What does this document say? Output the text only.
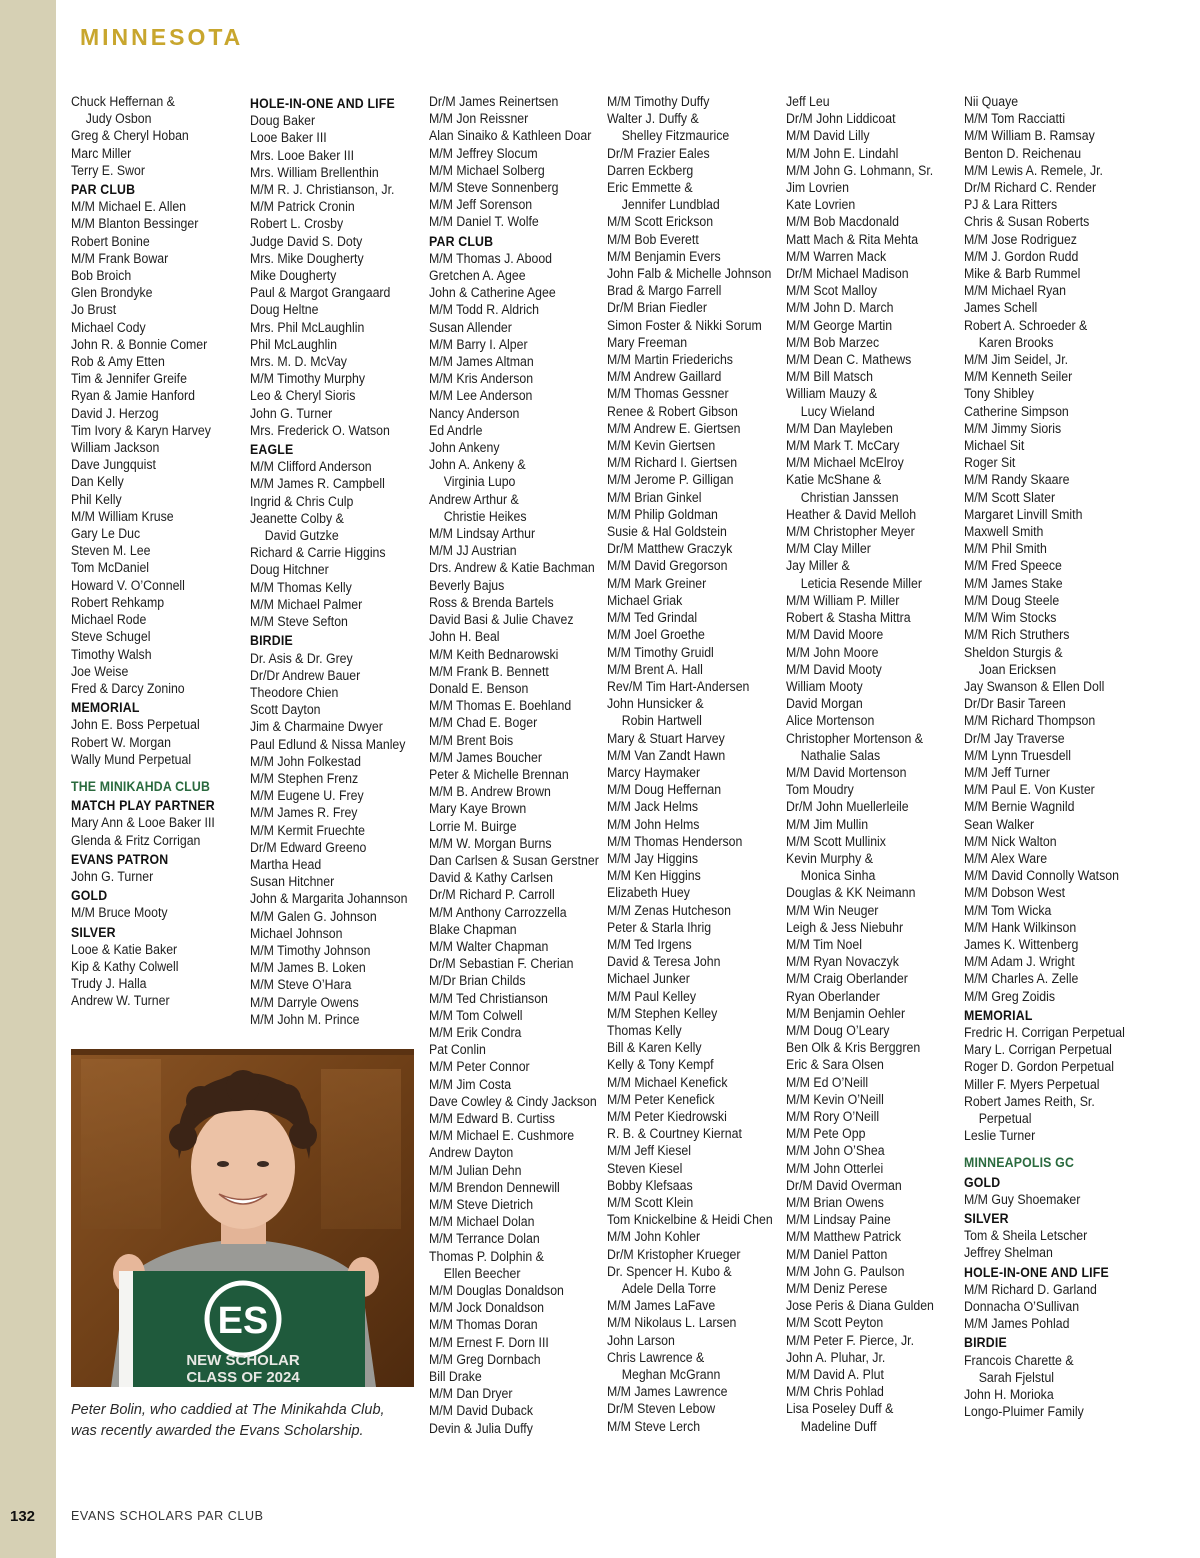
MINNESOTA
Chuck Heffernan &
Judy Osbon
Greg & Cheryl Hoban
Marc Miller
Terry E. Swor
PAR CLUB
M/M Michael E. Allen
M/M Blanton Bessinger
Robert Bonine
M/M Frank Bowar
Bob Broich
Glen Brondyke
Jo Brust
Michael Cody
John R. & Bonnie Comer
Rob & Amy Etten
Tim & Jennifer Greife
Ryan & Jamie Hanford
David J. Herzog
Tim Ivory & Karyn Harvey
William Jackson
Dave Jungquist
Dan Kelly
Phil Kelly
M/M William Kruse
Gary Le Duc
Steven M. Lee
Tom McDaniel
Howard V. O’Connell
Robert Rehkamp
Michael Rode
Steve Schugel
Timothy Walsh
Joe Weise
Fred & Darcy Zonino
MEMORIAL
John E. Boss Perpetual
Robert W. Morgan
Wally Mund Perpetual
THE MINIKAHDA CLUB
MATCH PLAY PARTNER
Mary Ann & Looe Baker III
Glenda & Fritz Corrigan
EVANS PATRON
John G. Turner
GOLD
M/M Bruce Mooty
SILVER
Looe & Katie Baker
Kip & Kathy Colwell
Trudy J. Halla
Andrew W. Turner
HOLE-IN-ONE AND LIFE
Doug Baker
Looe Baker III
Mrs. Looe Baker III
Mrs. William Brellenthin
M/M R. J. Christianson, Jr.
M/M Patrick Cronin
Robert L. Crosby
Judge David S. Doty
Mrs. Mike Dougherty
Mike Dougherty
Paul & Margot Grangaard
Doug Heltne
Mrs. Phil McLaughlin
Phil McLaughlin
Mrs. M. D. McVay
M/M Timothy Murphy
Leo & Cheryl Sioris
John G. Turner
Mrs. Frederick O. Watson
EAGLE
M/M Clifford Anderson
M/M James R. Campbell
Ingrid & Chris Culp
Jeanette Colby &
David Gutzke
Richard & Carrie Higgins
Doug Hitchner
M/M Thomas Kelly
M/M Michael Palmer
M/M Steve Sefton
BIRDIE
Dr. Asis & Dr. Grey
Dr/Dr Andrew Bauer
Theodore Chien
Scott Dayton
Jim & Charmaine Dwyer
Paul Edlund & Nissa Manley
M/M John Folkestad
M/M Stephen Frenz
M/M Eugene U. Frey
M/M James R. Frey
M/M Kermit Fruechte
Dr/M Edward Greeno
Martha Head
Susan Hitchner
John & Margarita Johannson
M/M Galen G. Johnson
Michael Johnson
M/M Timothy Johnson
M/M James B. Loken
M/M Steve O’Hara
M/M Darryle Owens
M/M John M. Prince
Dr/M James Reinertsen
M/M Jon Reissner
Alan Sinaiko & Kathleen Doar
M/M Jeffrey Slocum
M/M Michael Solberg
M/M Steve Sonnenberg
M/M Jeff Sorenson
M/M Daniel T. Wolfe
PAR CLUB
M/M Thomas J. Abood
Gretchen A. Agee
John & Catherine Agee
M/M Todd R. Aldrich
Susan Allender
M/M Barry I. Alper
M/M James Altman
M/M Kris Anderson
M/M Lee Anderson
Nancy Anderson
Ed Andrle
John Ankeny
John A. Ankeny &
Virginia Lupo
Andrew Arthur &
Christie Heikes
M/M Lindsay Arthur
M/M JJ Austrian
Drs. Andrew & Katie Bachman
Beverly Bajus
Ross & Brenda Bartels
David Basi & Julie Chavez
John H. Beal
M/M Keith Bednarowski
M/M Frank B. Bennett
Donald E. Benson
M/M Thomas E. Boehland
M/M Chad E. Boger
M/M Brent Bois
M/M James Boucher
Peter & Michelle Brennan
M/M B. Andrew Brown
Mary Kaye Brown
Lorrie M. Buirge
M/M W. Morgan Burns
Dan Carlsen & Susan Gerstner
David & Kathy Carlsen
Dr/M Richard P. Carroll
M/M Anthony Carrozzella
Blake Chapman
M/M Walter Chapman
Dr/M Sebastian F. Cherian
M/Dr Brian Childs
M/M Ted Christianson
M/M Tom Colwell
M/M Erik Condra
Pat Conlin
M/M Peter Connor
M/M Jim Costa
Dave Cowley & Cindy Jackson
M/M Edward B. Curtiss
M/M Michael E. Cushmore
Andrew Dayton
M/M Julian Dehn
M/M Brendon Dennewill
M/M Steve Dietrich
M/M Michael Dolan
M/M Terrance Dolan
Thomas P. Dolphin &
Ellen Beecher
M/M Douglas Donaldson
M/M Jock Donaldson
M/M Thomas Doran
M/M Ernest F. Dorn III
M/M Greg Dornbach
Bill Drake
M/M Dan Dryer
M/M David Duback
Devin & Julia Duffy
M/M Timothy Duffy
Walter J. Duffy &
Shelley Fitzmaurice
Dr/M Frazier Eales
Darren Eckberg
Eric Emmette &
Jennifer Lundblad
M/M Scott Erickson
M/M Bob Everett
M/M Benjamin Evers
John Falb & Michelle Johnson
Brad & Margo Farrell
Dr/M Brian Fiedler
Simon Foster & Nikki Sorum
Mary Freeman
M/M Martin Friederichs
M/M Andrew Gaillard
M/M Thomas Gessner
Renee & Robert Gibson
M/M Andrew E. Giertsen
M/M Kevin Giertsen
M/M Richard I. Giertsen
M/M Jerome P. Gilligan
M/M Brian Ginkel
M/M Philip Goldman
Susie & Hal Goldstein
Dr/M Matthew Graczyk
M/M David Gregorson
M/M Mark Greiner
Michael Griak
M/M Ted Grindal
M/M Joel Groethe
M/M Timothy Gruidl
M/M Brent A. Hall
Rev/M Tim Hart-Andersen
John Hunsicker &
Robin Hartwell
Mary & Stuart Harvey
M/M Van Zandt Hawn
Marcy Haymaker
M/M Doug Heffernan
M/M Jack Helms
M/M John Helms
M/M Thomas Henderson
M/M Jay Higgins
M/M Ken Higgins
Elizabeth Huey
M/M Zenas Hutcheson
Peter & Starla Ihrig
M/M Ted Irgens
David & Teresa John
Michael Junker
M/M Paul Kelley
M/M Stephen Kelley
Thomas Kelly
Bill & Karen Kelly
Kelly & Tony Kempf
M/M Michael Kenefick
M/M Peter Kenefick
M/M Peter Kiedrowski
R. B. & Courtney Kiernat
M/M Jeff Kiesel
Steven Kiesel
Bobby Klefsaas
M/M Scott Klein
Tom Knickelbine & Heidi Chen
M/M John Kohler
Dr/M Kristopher Krueger
Dr. Spencer H. Kubo &
Adele Della Torre
M/M James LaFave
M/M Nikolaus L. Larsen
John Larson
Chris Lawrence &
Meghan McGrann
M/M James Lawrence
Dr/M Steven Lebow
M/M Steve Lerch
Jeff Leu
Dr/M John Liddicoat
M/M David Lilly
M/M John E. Lindahl
M/M John G. Lohmann, Sr.
Jim Lovrien
Kate Lovrien
M/M Bob Macdonald
Matt Mach & Rita Mehta
M/M Warren Mack
Dr/M Michael Madison
M/M Scot Malloy
M/M John D. March
M/M George Martin
M/M Bob Marzec
M/M Dean C. Mathews
M/M Bill Matsch
William Mauzy &
Lucy Wieland
M/M Dan Mayleben
M/M Mark T. McCary
M/M Michael McElroy
Katie McShane &
Christian Janssen
Heather & David Melloh
M/M Christopher Meyer
M/M Clay Miller
Jay Miller &
Leticia Resende Miller
M/M William P. Miller
Robert & Stasha Mittra
M/M David Moore
M/M John Moore
M/M David Mooty
William Mooty
David Morgan
Alice Mortenson
Christopher Mortenson &
Nathalie Salas
M/M David Mortenson
Tom Moudry
Dr/M John Muellerleile
M/M Jim Mullin
M/M Scott Mullinix
Kevin Murphy &
Monica Sinha
Douglas & KK Neimann
M/M Win Neuger
Leigh & Jess Niebuhr
M/M Tim Noel
M/M Ryan Novaczyk
M/M Craig Oberlander
Ryan Oberlander
M/M Benjamin Oehler
M/M Doug O’Leary
Ben Olk & Kris Berggren
Eric & Sara Olsen
M/M Ed O’Neill
M/M Kevin O’Neill
M/M Rory O’Neill
M/M Pete Opp
M/M John O’Shea
M/M John Otterlei
Dr/M David Overman
M/M Brian Owens
M/M Lindsay Paine
M/M Matthew Patrick
M/M Daniel Patton
M/M John G. Paulson
M/M Deniz Perese
Jose Peris & Diana Gulden
M/M Scott Peyton
M/M Peter F. Pierce, Jr.
John A. Pluhar, Jr.
M/M David A. Plut
M/M Chris Pohlad
Lisa Poseley Duff &
Madeline Duff
Nii Quaye
M/M Tom Racciatti
M/M William B. Ramsay
Benton D. Reichenau
M/M Lewis A. Remele, Jr.
Dr/M Richard C. Render
PJ & Lara Ritters
Chris & Susan Roberts
M/M Jose Rodriguez
M/M J. Gordon Rudd
Mike & Barb Rummel
M/M Michael Ryan
James Schell
Robert A. Schroeder &
Karen Brooks
M/M Jim Seidel, Jr.
M/M Kenneth Seiler
Tony Shibley
Catherine Simpson
M/M Jimmy Sioris
Michael Sit
Roger Sit
M/M Randy Skaare
M/M Scott Slater
Margaret Linvill Smith
Maxwell Smith
M/M Phil Smith
M/M Fred Speece
M/M James Stake
M/M Doug Steele
M/M Wim Stocks
M/M Rich Struthers
Sheldon Sturgis &
Joan Ericksen
Jay Swanson & Ellen Doll
Dr/Dr Basir Tareen
M/M Richard Thompson
Dr/M Jay Traverse
M/M Lynn Truesdell
M/M Jeff Turner
M/M Paul E. Von Kuster
M/M Bernie Wagnild
Sean Walker
M/M Nick Walton
M/M Alex Ware
M/M David Connolly Watson
M/M Dobson West
M/M Tom Wicka
M/M Hank Wilkinson
James K. Wittenberg
M/M Adam J. Wright
M/M Charles A. Zelle
M/M Greg Zoidis
MEMORIAL
Fredric H. Corrigan Perpetual
Mary L. Corrigan Perpetual
Roger D. Gordon Perpetual
Miller F. Myers Perpetual
Robert James Reith, Sr.
Perpetual
Leslie Turner
MINNEAPOLIS GC
GOLD
M/M Guy Shoemaker
SILVER
Tom & Sheila Letscher
Jeffrey Shelman
HOLE-IN-ONE AND LIFE
M/M Richard D. Garland
Donnacha O’Sullivan
M/M James Pohlad
BIRDIE
Francois Charette &
Sarah Fjelstul
John H. Morioka
Longo-Pluimer Family
ES
NEW SCHOLAR
CLASS OF 2024
Peter Bolin, who caddied at The Minikahda Club, was recently awarded the Evans Scholarship.
132	EVANS SCHOLARS PAR CLUB
